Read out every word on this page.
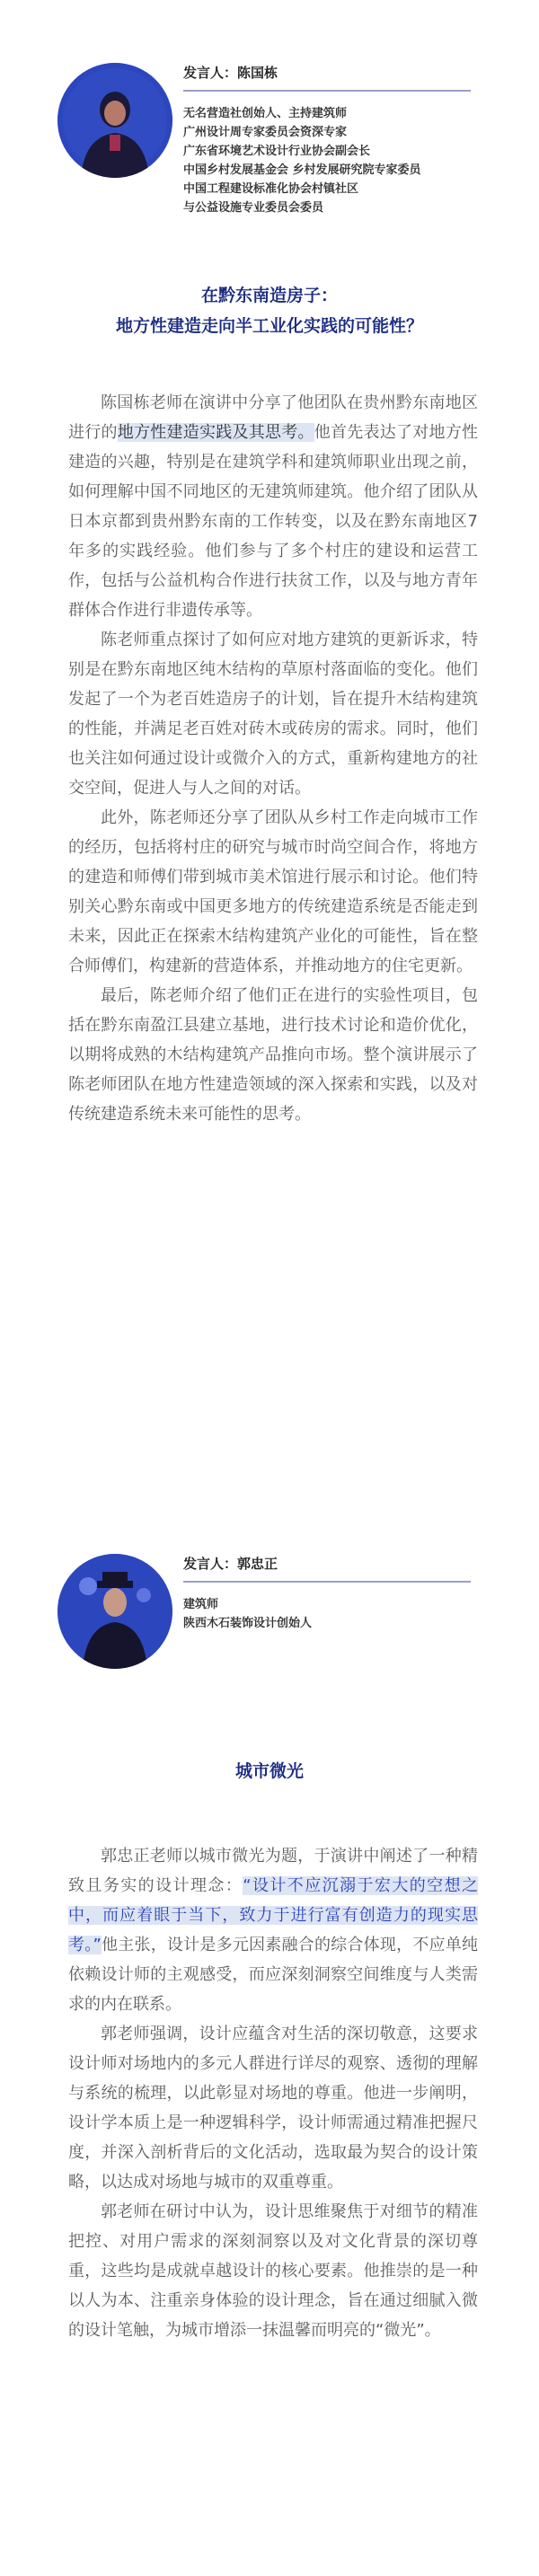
发言人：陈国栋
无名营造社创始人、主持建筑师
广州设计周专家委员会资深专家
广东省环境艺术设计行业协会副会长
中国乡村发展基金会 乡村发展研究院专家委员
中国工程建设标准化协会村镇社区
与公益设施专业委员会委员
在黔东南造房子：
地方性建造走向半工业化实践的可能性？

陈国栋老师在演讲中分享了他团队在贵州黔东南地区进行的地方性建造实践及其思考。他首先表达了对地方性建造的兴趣，特别是在建筑学科和建筑师职业出现之前，如何理解中国不同地区的无建筑师建筑。他介绍了团队从日本京都到贵州黔东南的工作转变，以及在黔东南地区7年多的实践经验。他们参与了多个村庄的建设和运营工作，包括与公益机构合作进行扶贫工作，以及与地方青年群体合作进行非遗传承等。

陈老师重点探讨了如何应对地方建筑的更新诉求，特别是在黔东南地区纯木结构的草原村落面临的变化。他们发起了一个为老百姓造房子的计划，旨在提升木结构建筑的性能，并满足老百姓对砖木或砖房的需求。同时，他们也关注如何通过设计或微介入的方式，重新构建地方的社交空间，促进人与人之间的对话。

此外，陈老师还分享了团队从乡村工作走向城市工作的经历，包括将村庄的研究与城市时尚空间合作，将地方的建造和师傅们带到城市美术馆进行展示和讨论。他们特别关心黔东南或中国更多地方的传统建造系统是否能走到未来，因此正在探索木结构建筑产业化的可能性，旨在整合师傅们，构建新的营造体系，并推动地方的住宅更新。

最后，陈老师介绍了他们正在进行的实验性项目，包括在黔东南盈江县建立基地，进行技术讨论和造价优化，以期将成熟的木结构建筑产品推向市场。整个演讲展示了陈老师团队在地方性建造领域的深入探索和实践，以及对传统建造系统未来可能性的思考。

发言人：郭忠正
建筑师
陕西木石装饰设计创始人
城市微光

郭忠正老师以城市微光为题，于演讲中阐述了一种精致且务实的设计理念：“设计不应沉溺于宏大的空想之中，而应着眼于当下，致力于进行富有创造力的现实思考。”他主张，设计是多元因素融合的综合体现，不应单纯依赖设计师的主观感受，而应深刻洞察空间维度与人类需求的内在联系。

郭老师强调，设计应蕴含对生活的深切敬意，这要求设计师对场地内的多元人群进行详尽的观察、透彻的理解与系统的梳理，以此彰显对场地的尊重。他进一步阐明，设计学本质上是一种逻辑科学，设计师需通过精准把握尺度，并深入剖析背后的文化活动，选取最为契合的设计策略，以达成对场地与城市的双重尊重。

郭老师在研讨中认为，设计思维聚焦于对细节的精准把控、对用户需求的深刻洞察以及对文化背景的深切尊重，这些均是成就卓越设计的核心要素。他推崇的是一种以人为本、注重亲身体验的设计理念，旨在通过细腻入微的设计笔触，为城市增添一抹温馨而明亮的“微光”。
